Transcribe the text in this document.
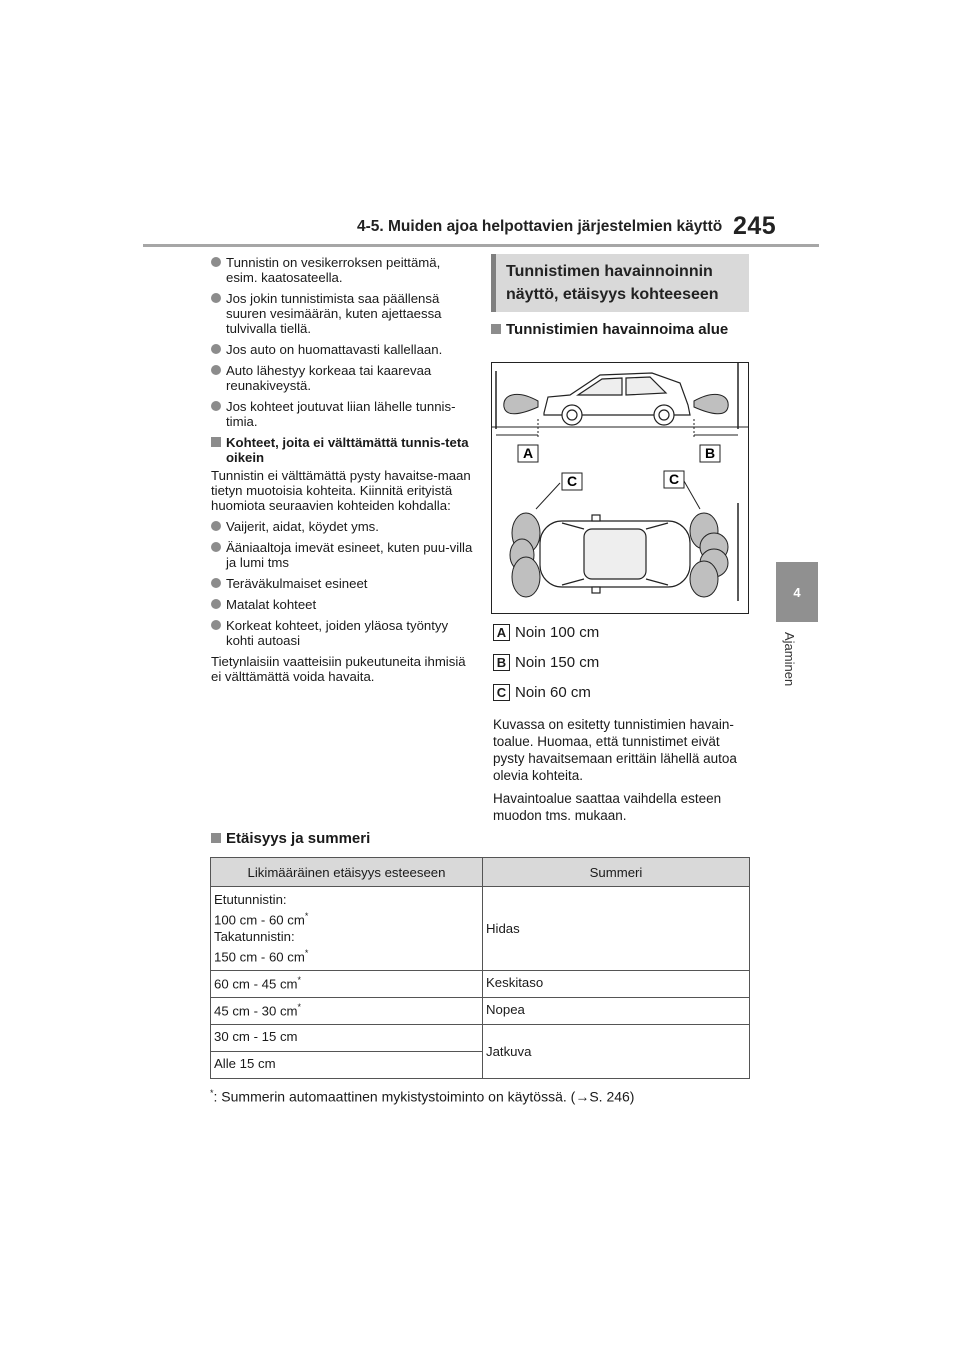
4-5. Muiden ajoa helpottavien järjestelmien käyttö 245
4
Ajaminen
Tunnistin on vesikerroksen peittämä, esim. kaatosateella.
Jos jokin tunnistimista saa päällensä suuren vesimäärän, kuten ajettaessa tulvivalla tiellä.
Jos auto on huomattavasti kallellaan.
Auto lähestyy korkeaa tai kaarevaa reunakiveystä.
Jos kohteet joutuvat liian lähelle tunnis-timia.
Kohteet, joita ei välttämättä tunnis-teta oikein
Tunnistin ei välttämättä pysty havaitse-maan tietyn muotoisia kohteita. Kiinnitä erityistä huomiota seuraavien kohteiden kohdalla:
Vaijerit, aidat, köydet yms.
Ääniaaltoja imevät esineet, kuten puu-villa ja lumi tms
Teräväkulmaiset esineet
Matalat kohteet
Korkeat kohteet, joiden yläosa työntyy kohti autoasi
Tietynlaisiin vaatteisiin pukeutuneita ihmisiä ei välttämättä voida havaita.
Tunnistimen havainnoinnin näyttö, etäisyys kohteeseen
Tunnistimien havainnoima alue
A	B
C	C
A Noin 100 cm
B Noin 150 cm
C Noin 60 cm
Kuvassa on esitetty tunnistimien havain-toalue. Huomaa, että tunnistimet eivät pysty havaitsemaan erittäin lähellä autoa olevia kohteita.
Havaintoalue saattaa vaihdella esteen muodon tms. mukaan.
Etäisyys ja summeri
Likimääräinen etäisyys esteeseen	Summeri

Etutunnistin:
100 cm - 60 cm*
Takatunnistin:
150 cm - 60 cm*	Hidas
60 cm - 45 cm*	Keskitaso
45 cm - 30 cm*	Nopea
30 cm - 15 cm	Jatkuva
Alle 15 cm	
*: Summerin automaattinen mykistystoiminto on käytössä. (→S. 246)
